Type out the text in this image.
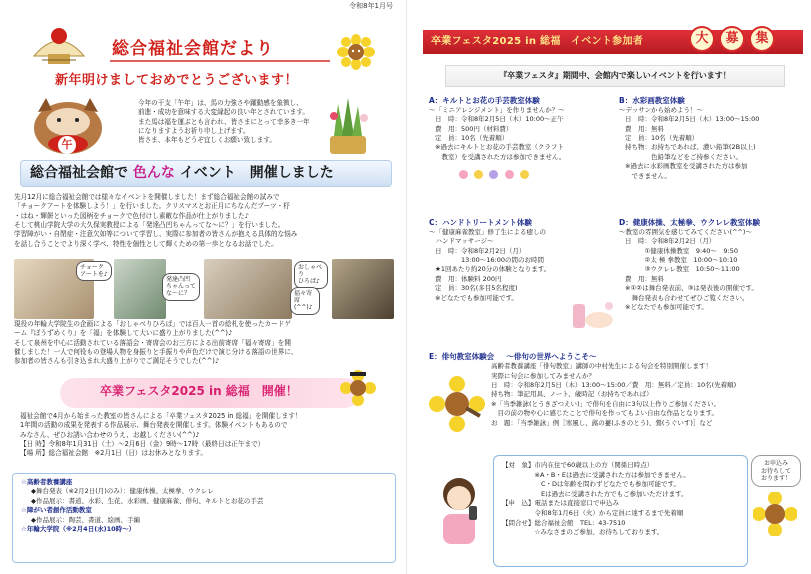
令和8年1月号
総合福祉会館だより
新年明けましておめでとうございます！
午

今年の干支「午年」は、馬の力強さや躍動感を象徴し、

前進・成功を意味する大変縁起の良い年とされています。

また馬は福を運ぶとも言われ、皆さまにとって幸多き一年

になりますようお祈り申し上げます。

皆さま、本年もどうぞ宜しくお願い致します。

総合福祉会館で 色んな イベント　開催しました

先月12月に総合福祉会館では様々なイベントを開催しました！まず総合福祉会館の試みで

「チョークアートを体験しよう！」を行いました。クリスマスとお正月にちなんだブーツ・杼

・はね・輝餅といった図柄をチョークで色付けし素敵な作品が仕上がりました♪

そして桃山学院大学の大久保実教授による「発達凸凹ちゃんってな〜に？」を行いました。

学習障がい・自閉症・注意欠如等について学習し、実際に参加者の皆さんが抱える具体的な悩み

を話し合うことでより深く学べ、特性を個性として輝くための第一歩となるお話でした。

チョーク
アートを♪
発達凸凹
ちゃんって
な〜に？
おしゃべり
ひろば♪
福々寄席
(^^)♪

現役の年輪大学院生の企画による「おしゃべりひろば」では百人一首の絵札を使ったカードゲ

ーム『ぼうずめくり』を「福」を体験して大いに盛り上がりました(^^)♪

そして泉州を中心に活動されている落語会・寄席会のお三方による出前寄席「福々寄席」を開

催しました！一人で何役もの登場人物を身振りと手振りや声色だけで演じ分ける落語の世界に、

参加者の皆さんも引き込まれ大盛り上がりでご満足そうでした(^^)♪

卒業フェスタ2025 in 総福　開催！

福祉会館で4月から始まった教室の皆さんによる「卒業フェスタ2025 in 総福」を開催します！

1年間の活動の成果を発表する作品展示、舞台発表を開催します。体験イベントもあるので

みなさん、ぜひお誘い合わせのうえ、お越しください(^^)♪

【日 時】令和8年1月31日（土）〜2月6日（金）9時〜17時（最終日は正午まで）

【場 所】総合福祉会館　※2月1日（日）はお休みとなります。

☆高齢者教養講座

◆舞台発表（※2月2日(月)のみ）：健康体操、太極拳、ウクレレ

◆作品展示：書道、水彩、生花、水彩画、健康麻雀、俳句、キルトとお花の手芸

☆障がい者創作活動教室

◆作品展示：陶芸、書道、絵画、手編

☆年輪大学院（※2月4日(水)10時〜）

卒業フェスタ2025 in 総福　イベント参加者	大	募	集
『卒業フェスタ』期間中、会館内で楽しいイベントを行います！
A：キルトとお花の手芸教室体験

〜「ミニアレンジメント」を作りませんか？〜

日　時：令和8年2月5日（木）10:00〜正午

費　用：500円（材料費）

定　員：10名（先着順）

※過去にキルトとお花の手芸教室（クラフト

　教室）を受講された方は参加できません。

B：水彩画教室体験

〜デッサンから始めよう！〜

日　時：令和8年2月5日（木）13:00〜15:00

費　用：無料

定　員：10名（先着順）

持ち物：お持ちであれば、濃い鉛筆(2B以上)

　　　　色鉛筆などをご持参ください。

※過去に水彩画教室を受講された方は参加

　できません。

C：ハンドトリートメント体験

〜「健康麻雀教室」修了生による癒しの

　ハンドマッサージ〜

日　時：令和8年2月2日（月）

　　　　13:00〜16:00の間のお時間

★1回あたり約20分の体験となります。

費　用：体験料 200円

定　員：30名(多目5名程度)

※どなたでも参加可能です。

D：健康体操、太極拳、ウクレレ教室体験

〜教室の雰囲気を感じてみてください(^^)〜

日　時：令和8年2月2日（月）

　　　①健康体操教室　9:40〜　9:50

　　　②太 極 拳教室　10:00〜10:10

　　　③ウクレレ教室　10:50〜11:00

費　用：無料

※①②は舞台発表前、③は発表後の開催です。

　舞台発表も合わせてぜひご覧ください。

※どなたでも参加可能です。

E：俳句教室体験会 〜俳句の世界へようこそ〜

高齢者教養講座「俳句教室」講師の中村先生による句会を特別開催します！

実際に句会に参加してみませんか？

日　時：令和8年2月5日（木）13:00〜15:00／費　用：無料／定員：10名(先着順)

持ち物：筆記用具、ノート、歳時記（お持ちであれば）

※「当季雑詠(とうきざつえい)」で俳句を自由に3句以上作りご参加ください。

　目の前の物や心に感じたことで俳句を作ってもよい自由な作品となります。

お　題：「当季雑詠」例［寒風し、蕗の薹(ふきのとう)、鶯(うぐいす)］など

【対　象】市内在住で60歳以上の方（関係日時点）

　　　　　※A・B・Eは過去に受講された方は参加できません。

　　　　　　C・Dは年齢を問わずどなたでも参加可能です。

　　　　　　Eは過去に受講された方でもご参加いただけます。

【申　込】電話または直接窓口で申込み

　　　　　令和8年1月6日（火）から定員に達するまで先着順

【問合せ】総合福祉会館　TEL：43-7510

　　　　　☆みなさまのご参加、お待ちしております。

お申込み
お待ちして
おります！
